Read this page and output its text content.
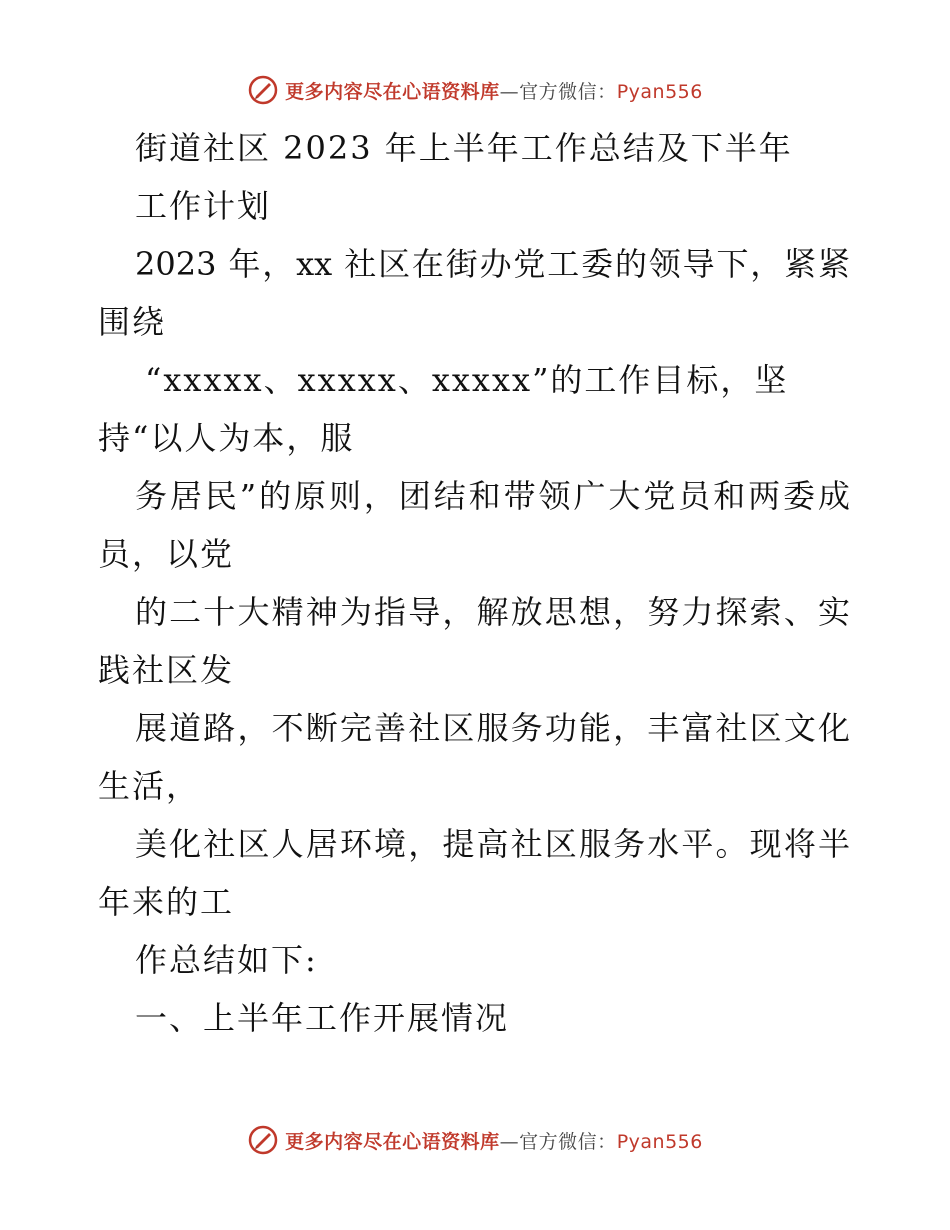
更多内容尽在心语资料库—官方微信：Pyan556
街道社区 2023 年上半年工作总结及下半年
工作计划
2023 年，xx 社区在街办党工委的领导下，紧紧
围绕
“xxxxx、xxxxx、xxxxx”的工作目标，坚
持“以人为本，服
务居民”的原则，团结和带领广大党员和两委成
员，以党
的二十大精神为指导，解放思想，努力探索、实
践社区发
展道路，不断完善社区服务功能，丰富社区文化
生活，
美化社区人居环境，提高社区服务水平。现将半
年来的工
作总结如下:
一、上半年工作开展情况
更多内容尽在心语资料库—官方微信：Pyan556
